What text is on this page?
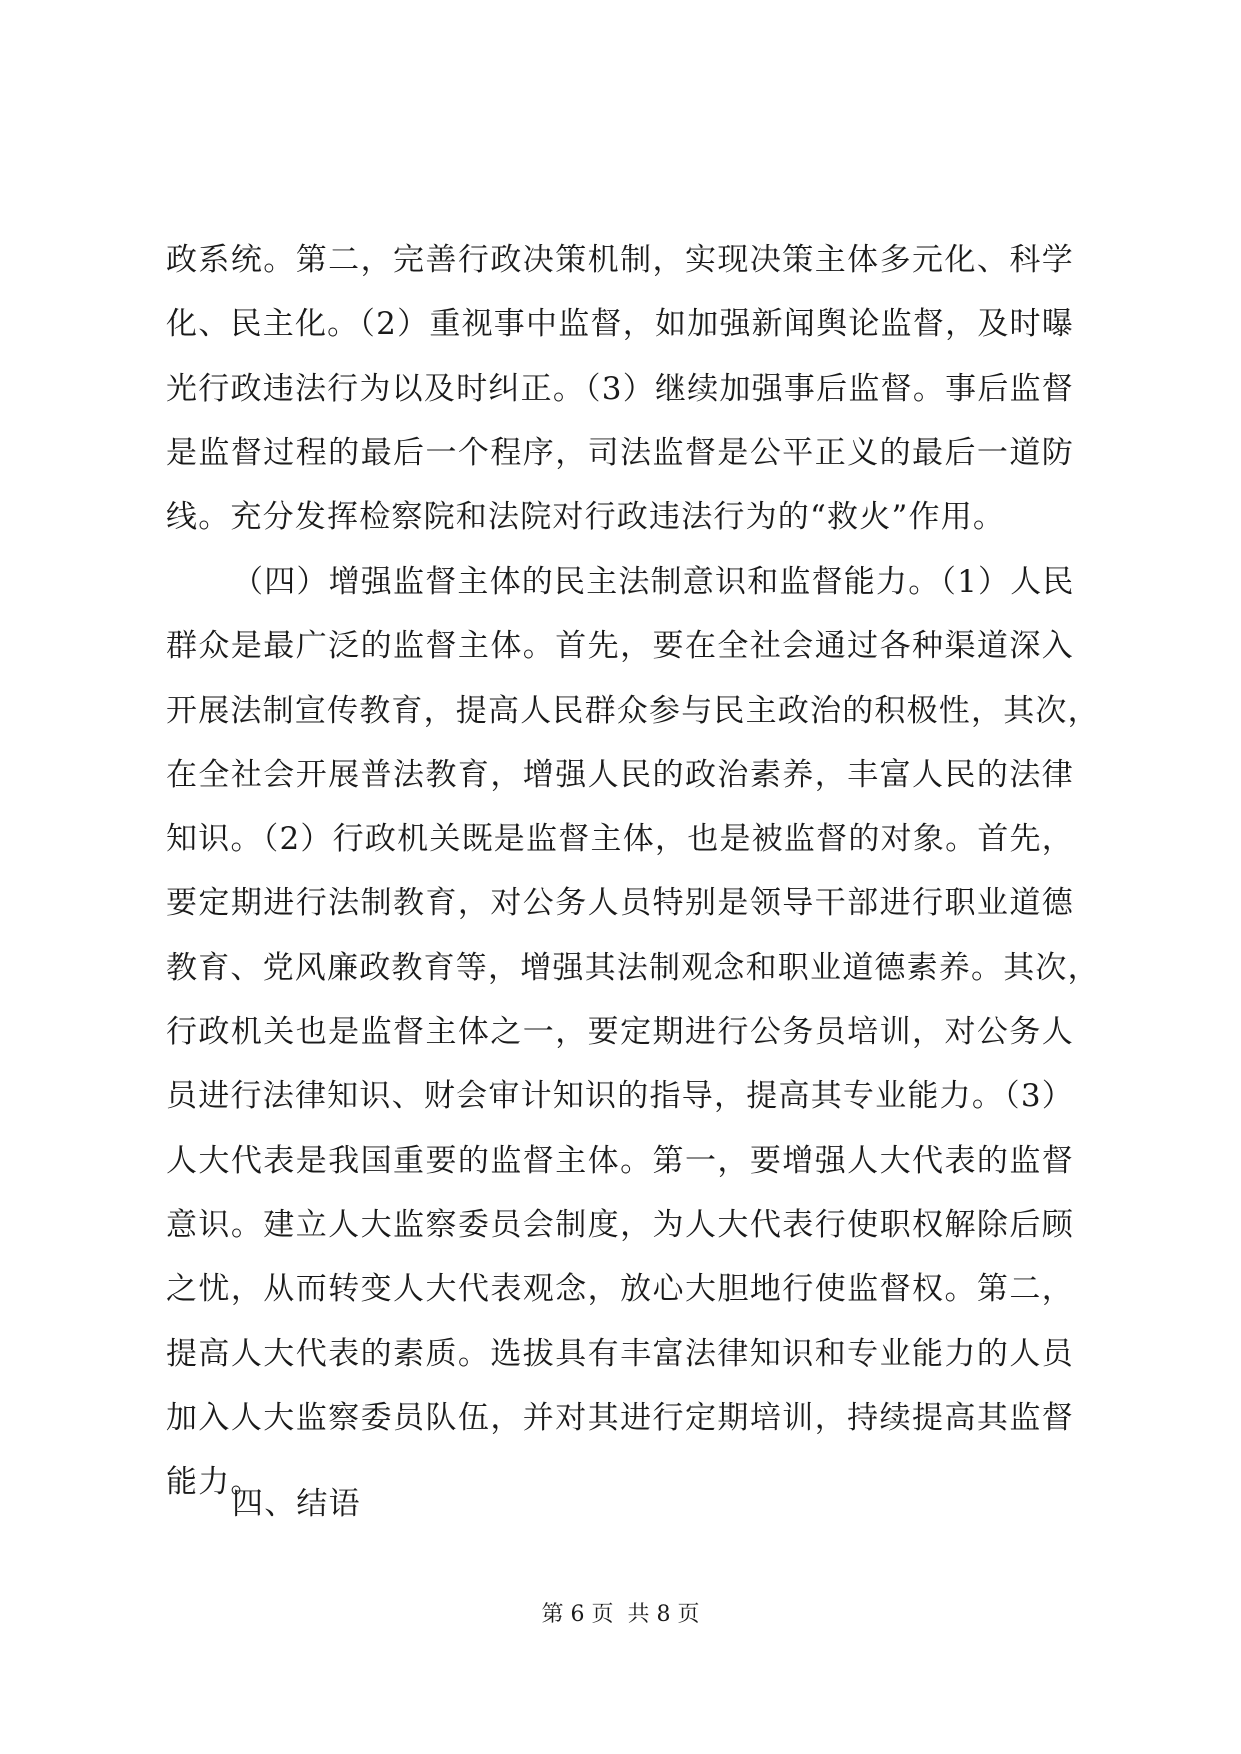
政系统。第二，完善行政决策机制，实现决策主体多元化、科学
化、民主化。（2）重视事中监督，如加强新闻舆论监督，及时曝
光行政违法行为以及时纠正。（3）继续加强事后监督。事后监督
是监督过程的最后一个程序，司法监督是公平正义的最后一道防
线。充分发挥检察院和法院对行政违法行为的“救火”作用。
（四）增强监督主体的民主法制意识和监督能力。（1）人民
群众是最广泛的监督主体。首先，要在全社会通过各种渠道深入
开展法制宣传教育，提高人民群众参与民主政治的积极性，其次，
在全社会开展普法教育，增强人民的政治素养，丰富人民的法律
知识。（2）行政机关既是监督主体，也是被监督的对象。首先，
要定期进行法制教育，对公务人员特别是领导干部进行职业道德
教育、党风廉政教育等，增强其法制观念和职业道德素养。其次，
行政机关也是监督主体之一，要定期进行公务员培训，对公务人
员进行法律知识、财会审计知识的指导，提高其专业能力。（3）
人大代表是我国重要的监督主体。第一，要增强人大代表的监督
意识。建立人大监察委员会制度，为人大代表行使职权解除后顾
之忧，从而转变人大代表观念，放心大胆地行使监督权。第二，
提高人大代表的素质。选拔具有丰富法律知识和专业能力的人员
加入人大监察委员队伍，并对其进行定期培训，持续提高其监督
能力。
四、结语
第 6 页  共 8 页
